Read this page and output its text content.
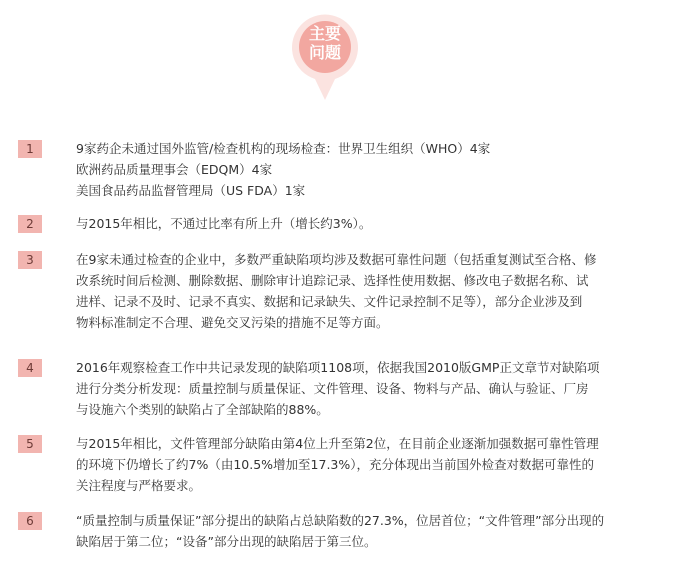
主要
问题
1	9家药企未通过国外监管/检查机构的现场检查：世界卫生组织（WHO）4家
欧洲药品质量理事会（EDQM）4家
美国食品药品监督管理局（US FDA）1家
2	与2015年相比，不通过比率有所上升（增长约3%）。
3	在9家未通过检查的企业中，多数严重缺陷项均涉及数据可靠性问题（包括重复测试至合格、修
改系统时间后检测、删除数据、删除审计追踪记录、选择性使用数据、修改电子数据名称、试
进样、记录不及时、记录不真实、数据和记录缺失、文件记录控制不足等），部分企业涉及到
物料标准制定不合理、避免交叉污染的措施不足等方面。
4	2016年观察检查工作中共记录发现的缺陷项1108项，依据我国2010版GMP正文章节对缺陷项
进行分类分析发现：质量控制与质量保证、文件管理、设备、物料与产品、确认与验证、厂房
与设施六个类别的缺陷占了全部缺陷的88%。
5	与2015年相比，文件管理部分缺陷由第4位上升至第2位，在目前企业逐渐加强数据可靠性管理
的环境下仍增长了约7%（由10.5%增加至17.3%），充分体现出当前国外检查对数据可靠性的
关注程度与严格要求。
6	“质量控制与质量保证”部分提出的缺陷占总缺陷数的27.3%，位居首位；“文件管理”部分出现的
缺陷居于第二位；“设备”部分出现的缺陷居于第三位。
